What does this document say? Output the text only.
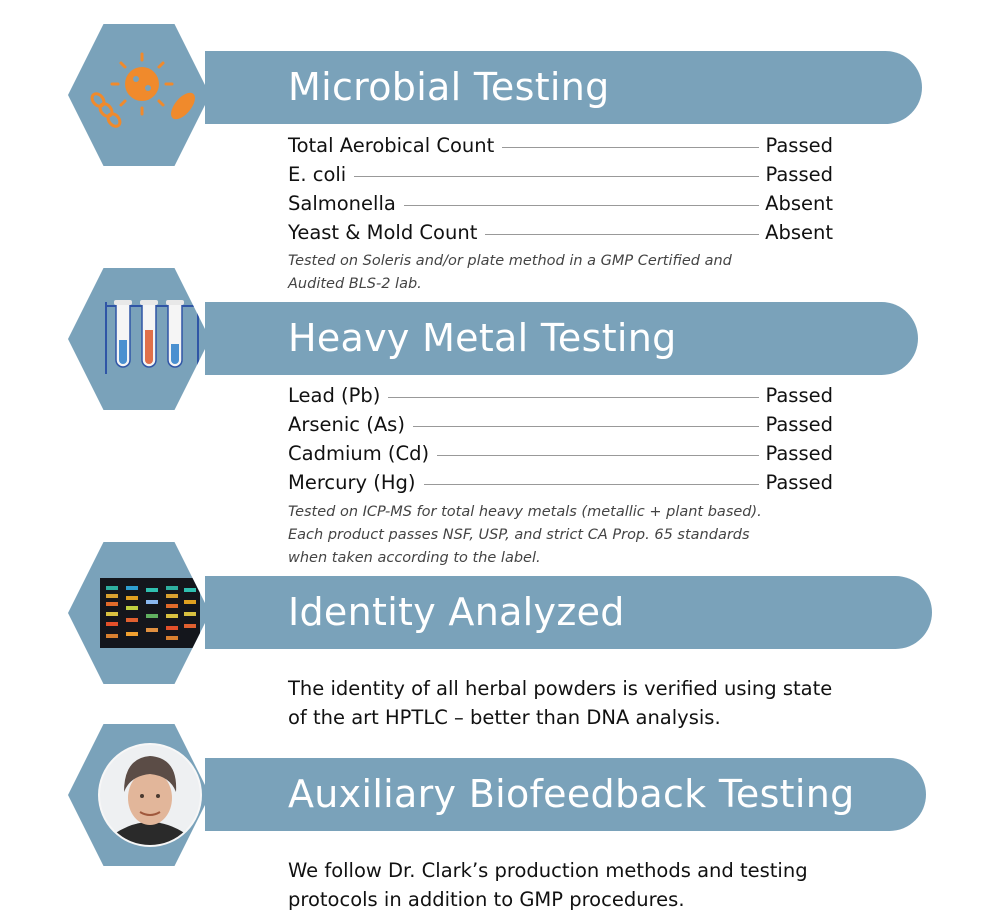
Microbial Testing
Total Aerobical Count	Passed
E. coli	Passed
Salmonella	Absent
Yeast & Mold Count	Absent
Tested on Soleris and/or plate method in a GMP Certified and
Audited BLS-2 lab.
Heavy Metal Testing
Lead (Pb)	Passed
Arsenic (As)	Passed
Cadmium (Cd)	Passed
Mercury (Hg)	Passed
Tested on ICP-MS for total heavy metals (metallic + plant based).
Each product passes NSF, USP, and strict CA Prop. 65 standards
when taken according to the label.
Identity Analyzed
The identity of all herbal powders is verified using state
of the art HPTLC – better than DNA analysis.
Auxiliary Biofeedback Testing
We follow Dr. Clark’s production methods and testing
protocols in addition to GMP procedures.
